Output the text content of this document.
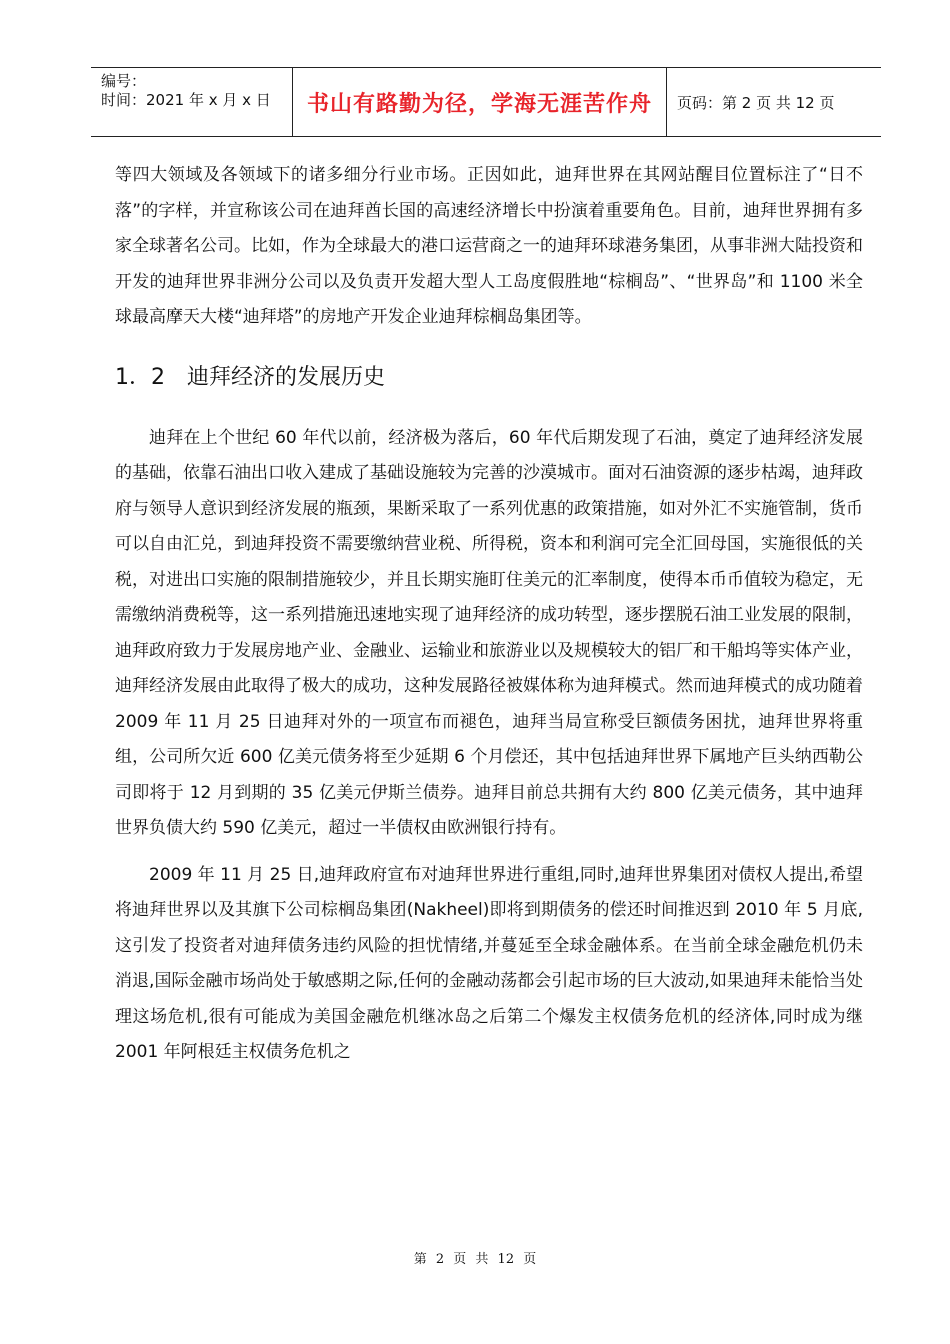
编号：
时间：2021 年 x 月 x 日	书山有路勤为径，学海无涯苦作舟	页码：第 2 页 共 12 页

等四大领域及各领域下的诸多细分行业市场。正因如此，迪拜世界在其网站醒目位置标注了“日不落”的字样，并宣称该公司在迪拜酋长国的高速经济增长中扮演着重要角色。目前，迪拜世界拥有多家全球著名公司。比如，作为全球最大的港口运营商之一的迪拜环球港务集团，从事非洲大陆投资和开发的迪拜世界非洲分公司以及负责开发超大型人工岛度假胜地“棕榈岛”、“世界岛”和 1100 米全球最高摩天大楼“迪拜塔”的房地产开发企业迪拜棕榈岛集团等。

1．2　迪拜经济的发展历史

迪拜在上个世纪 60 年代以前，经济极为落后，60 年代后期发现了石油，奠定了迪拜经济发展的基础，依靠石油出口收入建成了基础设施较为完善的沙漠城市。面对石油资源的逐步枯竭，迪拜政府与领导人意识到经济发展的瓶颈，果断采取了一系列优惠的政策措施，如对外汇不实施管制，货币可以自由汇兑，到迪拜投资不需要缴纳营业税、所得税，资本和利润可完全汇回母国，实施很低的关税，对进出口实施的限制措施较少，并且长期实施盯住美元的汇率制度，使得本币币值较为稳定，无需缴纳消费税等，这一系列措施迅速地实现了迪拜经济的成功转型，逐步摆脱石油工业发展的限制，迪拜政府致力于发展房地产业、金融业、运输业和旅游业以及规模较大的铝厂和干船坞等实体产业，迪拜经济发展由此取得了极大的成功，这种发展路径被媒体称为迪拜模式。然而迪拜模式的成功随着 2009 年 11 月 25 日迪拜对外的一项宣布而褪色，迪拜当局宣称受巨额债务困扰，迪拜世界将重组，公司所欠近 600 亿美元债务将至少延期 6 个月偿还，其中包括迪拜世界下属地产巨头纳西勒公司即将于 12 月到期的 35 亿美元伊斯兰债券。迪拜目前总共拥有大约 800 亿美元债务，其中迪拜世界负债大约 590 亿美元，超过一半债权由欧洲银行持有。

2009 年 11 月 25 日,迪拜政府宣布对迪拜世界进行重组,同时,迪拜世界集团对债权人提出,希望将迪拜世界以及其旗下公司棕榈岛集团(Nakheel)即将到期债务的偿还时间推迟到 2010 年 5 月底,这引发了投资者对迪拜债务违约风险的担忧情绪,并蔓延至全球金融体系。在当前全球金融危机仍未消退,国际金融市场尚处于敏感期之际,任何的金融动荡都会引起市场的巨大波动,如果迪拜未能恰当处理这场危机,很有可能成为美国金融危机继冰岛之后第二个爆发主权债务危机的经济体,同时成为继 2001 年阿根廷主权债务危机之

第 2 页 共 12 页
